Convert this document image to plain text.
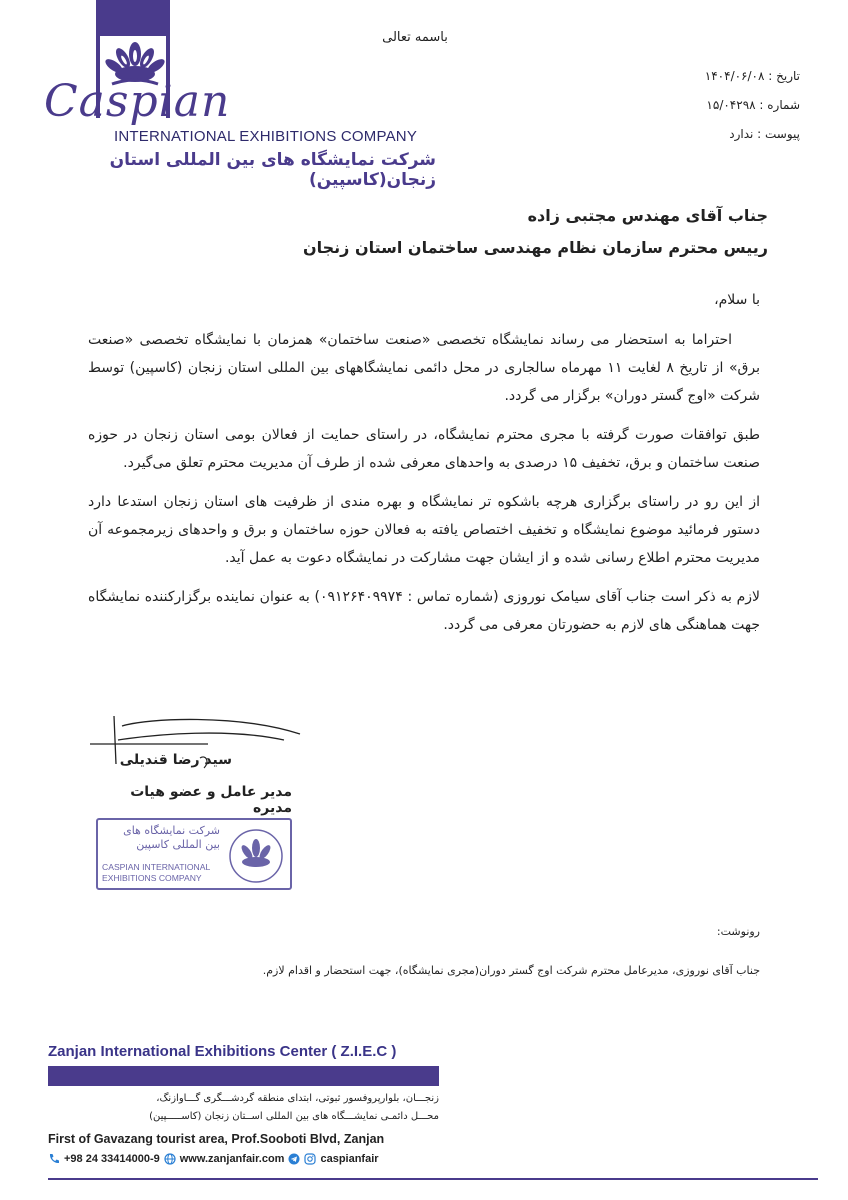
باسمه تعالی
Caspian
INTERNATIONAL EXHIBITIONS COMPANY
شرکت نمایشگاه های بین المللی استان زنجان(کاسپین)
تاریخ : ۱۴۰۴/۰۶/۰۸
شماره : ۱۵/۰۴۲۹۸
پیوست : ندارد
جناب آقای مهندس مجتبی زاده
رییس محترم سازمان نظام مهندسی ساختمان استان زنجان
با سلام،

احتراما به استحضار می رساند نمایشگاه تخصصی «صنعت ساختمان» همزمان با نمایشگاه تخصصی «صنعت برق» از تاریخ ۸ لغایت ۱۱ مهرماه سالجاری در محل دائمی نمایشگاههای بین المللی استان زنجان (کاسپین) توسط شرکت «اوج گستر دوران» برگزار می گردد.

طبق توافقات صورت گرفته با مجری محترم نمایشگاه، در راستای حمایت از فعالان بومی استان زنجان در حوزه صنعت ساختمان و برق، تخفیف ۱۵ درصدی به واحدهای معرفی شده از طرف آن مدیریت محترم تعلق می‌گیرد.

از این رو در راستای برگزاری هرچه باشکوه تر نمایشگاه و بهره مندی از ظرفیت های استان زنجان استدعا دارد دستور فرمائید موضوع نمایشگاه و تخفیف اختصاص یافته به فعالان حوزه ساختمان و برق و واحدهای زیرمجموعه آن مدیریت محترم اطلاع رسانی شده و از ایشان جهت مشارکت در نمایشگاه دعوت به عمل آید.

لازم به ذکر است جناب آقای سیامک نوروزی (شماره تماس : ۰۹۱۲۶۴۰۹۹۷۴) به عنوان نماینده برگزارکننده نمایشگاه جهت هماهنگی های لازم به حضورتان معرفی می گردد.

سید رضا قندیلی
مدیر عامل و عضو هیات مدیره
شرکت نمایشگاه های
بین المللی کاسپین
CASPIAN INTERNATIONAL
EXHIBITIONS COMPANY
رونوشت:
جناب آقای نوروزی، مدیرعامل محترم شرکت اوج گستر دوران(مجری نمایشگاه)، جهت استحضار و اقدام لازم.
Zanjan International Exhibitions Center ( Z.I.E.C )
زنجـــان، بلوارپروفسور ثبوتی، ابتدای منطقه گردشـــگری گـــاوازنگ،
محـــل دائمـی نمایشـــگاه های بین المللی اســتان زنجان (کاســـــپین)
First of Gavazang tourist area, Prof.Sooboti Blvd, Zanjan
+98 24 33414000-9 www.zanjanfair.com	caspianfair
